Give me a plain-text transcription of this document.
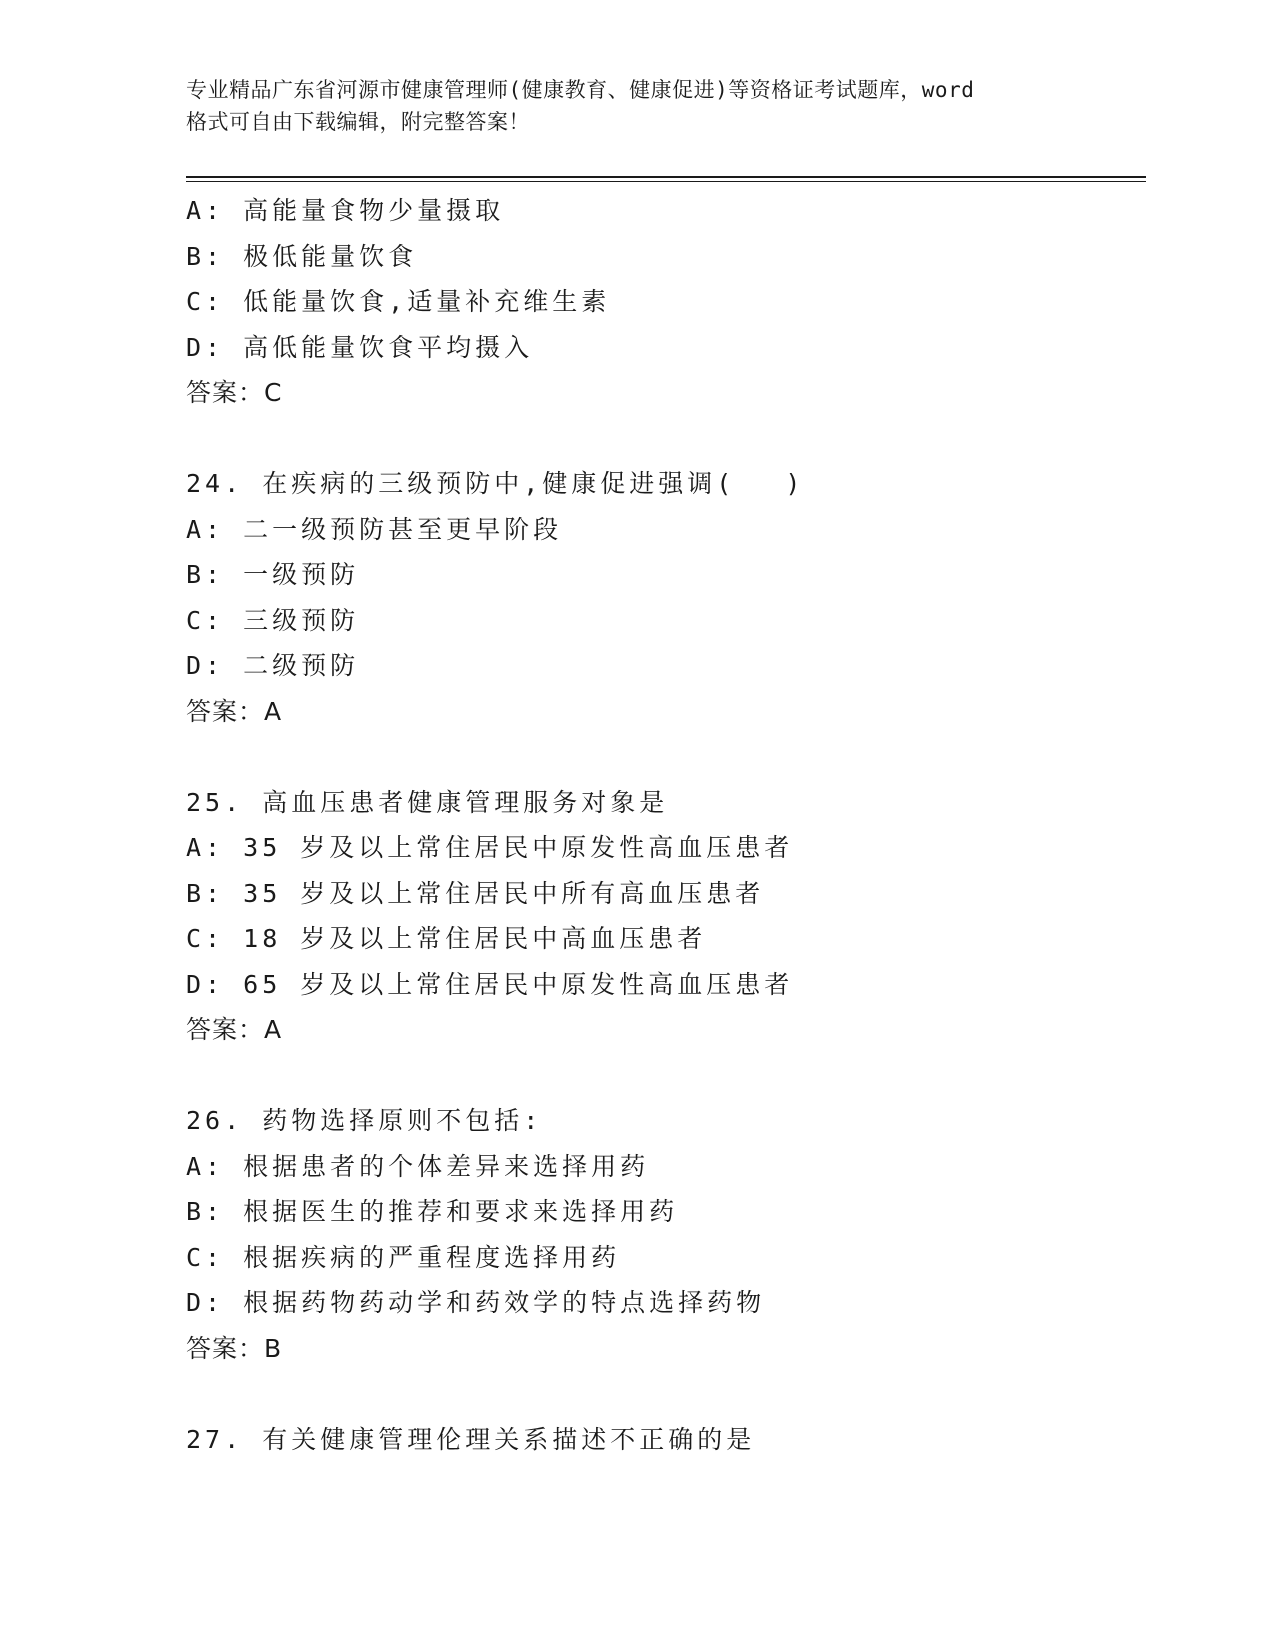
专业精品广东省河源市健康管理师(健康教育、健康促进)等资格证考试题库，word
格式可自由下载编辑，附完整答案！
A: 高能量食物少量摄取
B: 极低能量饮食
C: 低能量饮食,适量补充维生素
D: 高低能量饮食平均摄入
答案：C
24. 在疾病的三级预防中,健康促进强调( )
A: 二一级预防甚至更早阶段
B: 一级预防
C: 三级预防
D: 二级预防
答案：A
25. 高血压患者健康管理服务对象是
A: 35 岁及以上常住居民中原发性高血压患者
B: 35 岁及以上常住居民中所有高血压患者
C: 18 岁及以上常住居民中高血压患者
D: 65 岁及以上常住居民中原发性高血压患者
答案：A
26. 药物选择原则不包括:
A: 根据患者的个体差异来选择用药
B: 根据医生的推荐和要求来选择用药
C: 根据疾病的严重程度选择用药
D: 根据药物药动学和药效学的特点选择药物
答案：B
27. 有关健康管理伦理关系描述不正确的是
